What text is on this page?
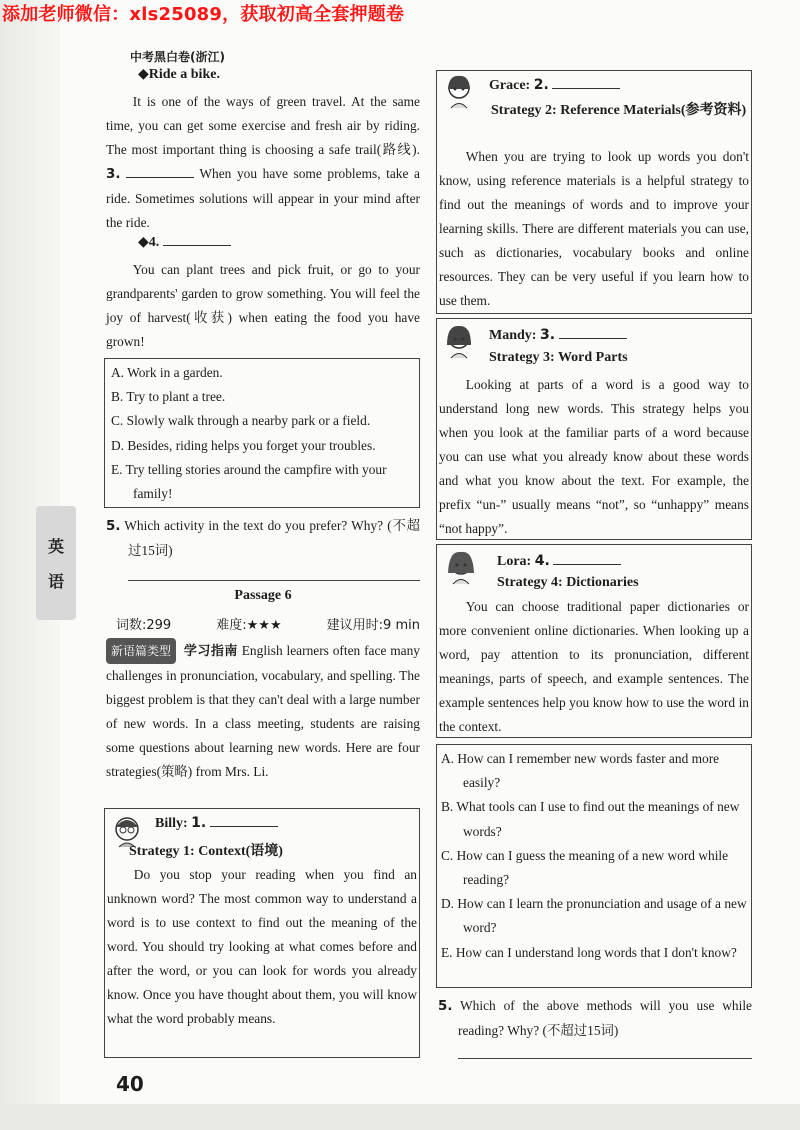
添加老师微信：xls25089，获取初高全套押题卷
中考黑白卷(浙江)
英
语
◆Ride a bike.
It is one of the ways of green travel. At the same time, you can get some exercise and fresh air by riding. The most important thing is choosing a safe trail(路线). 3.	When you have some problems, take a ride. Sometimes solutions will appear in your mind after the ride.
◆4.
You can plant trees and pick fruit, or go to your grandparents' garden to grow something. You will feel the joy of harvest(收获) when eating the food you have grown!
A. Work in a garden.
B. Try to plant a tree.
C. Slowly walk through a nearby park or a field.
D. Besides, riding helps you forget your troubles.
E. Try telling stories around the campfire with your family!
5. Which activity in the text do you prefer? Why? (不超过15词)
Passage 6
词数:299	难度:★★★	建议用时:9 min
新语篇类型 学习指南 English learners often face many challenges in pronunciation, vocabulary, and spelling. The biggest problem is that they can't deal with a large number of new words. In a class meeting, students are raising some questions about learning new words. Here are four strategies(策略) from Mrs. Li.
Billy: 1.
Strategy 1: Context(语境)
Do you stop your reading when you find an unknown word? The most common way to understand a word is to use context to find out the meaning of the word. You should try looking at what comes before and after the word, or you can look for words you already know. Once you have thought about them, you will know what the word probably means.
Grace: 2.
Strategy 2: Reference Materials(参考资料)
When you are trying to look up words you don't know, using reference materials is a helpful strategy to find out the meanings of words and to improve your learning skills. There are different materials you can use, such as dictionaries, vocabulary books and online resources. They can be very useful if you learn how to use them.
Mandy: 3.
Strategy 3: Word Parts
Looking at parts of a word is a good way to understand long new words. This strategy helps you when you look at the familiar parts of a word because you can use what you already know about these words and what you know about the text. For example, the prefix “un-” usually means “not”, so “unhappy” means “not happy”.
Lora: 4.
Strategy 4: Dictionaries
You can choose traditional paper dictionaries or more convenient online dictionaries. When looking up a word, pay attention to its pronunciation, different meanings, parts of speech, and example sentences. The example sentences help you know how to use the word in the context.
A. How can I remember new words faster and more easily?
B. What tools can I use to find out the meanings of new words?
C. How can I guess the meaning of a new word while reading?
D. How can I learn the pronunciation and usage of a new word?
E. How can I understand long words that I don't know?
5. Which of the above methods will you use while reading? Why? (不超过15词)
40
